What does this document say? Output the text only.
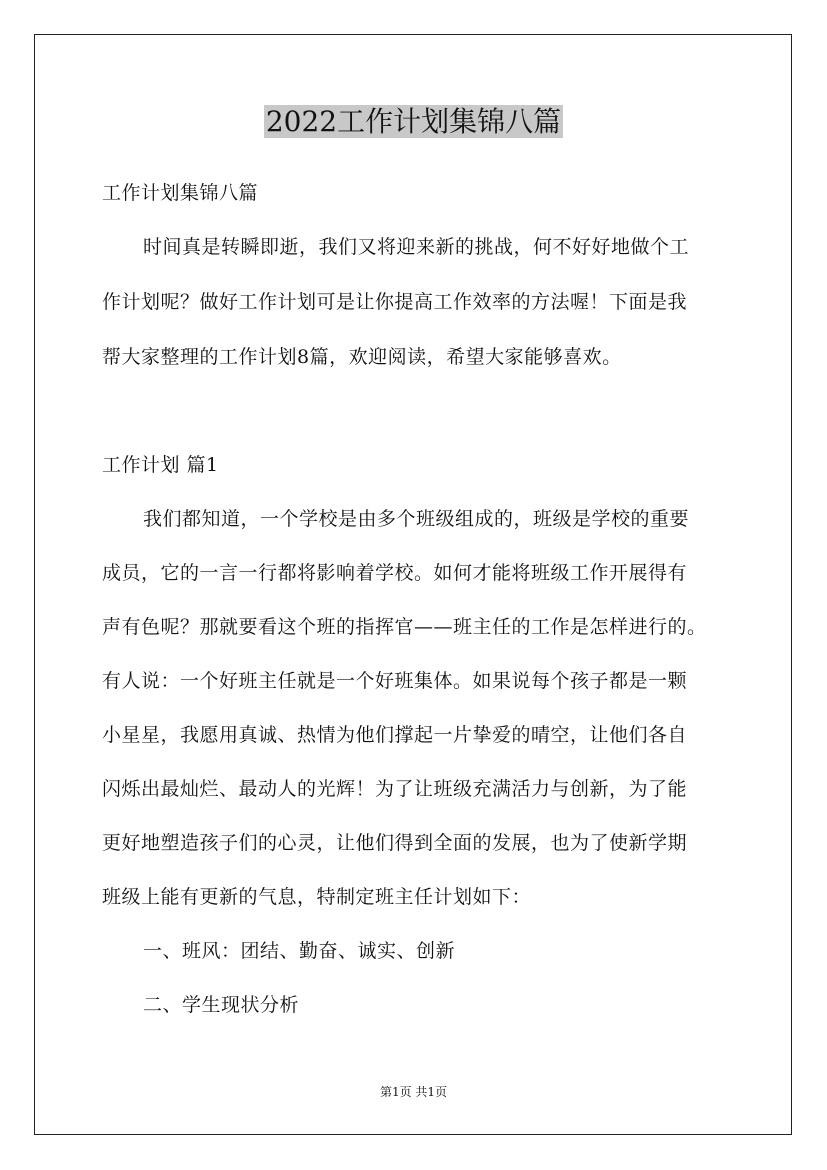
2022工作计划集锦八篇
工作计划集锦八篇
时间真是转瞬即逝，我们又将迎来新的挑战，何不好好地做个工
作计划呢？做好工作计划可是让你提高工作效率的方法喔！下面是我
帮大家整理的工作计划8篇，欢迎阅读，希望大家能够喜欢。
工作计划 篇1
我们都知道，一个学校是由多个班级组成的，班级是学校的重要
成员，它的一言一行都将影响着学校。如何才能将班级工作开展得有
声有色呢？那就要看这个班的指挥官——班主任的工作是怎样进行的。
有人说：一个好班主任就是一个好班集体。如果说每个孩子都是一颗
小星星，我愿用真诚、热情为他们撑起一片挚爱的晴空，让他们各自
闪烁出最灿烂、最动人的光辉！为了让班级充满活力与创新，为了能
更好地塑造孩子们的心灵，让他们得到全面的发展，也为了使新学期
班级上能有更新的气息，特制定班主任计划如下：
一、班风：团结、勤奋、诚实、创新
二、学生现状分析
第1页 共1页
